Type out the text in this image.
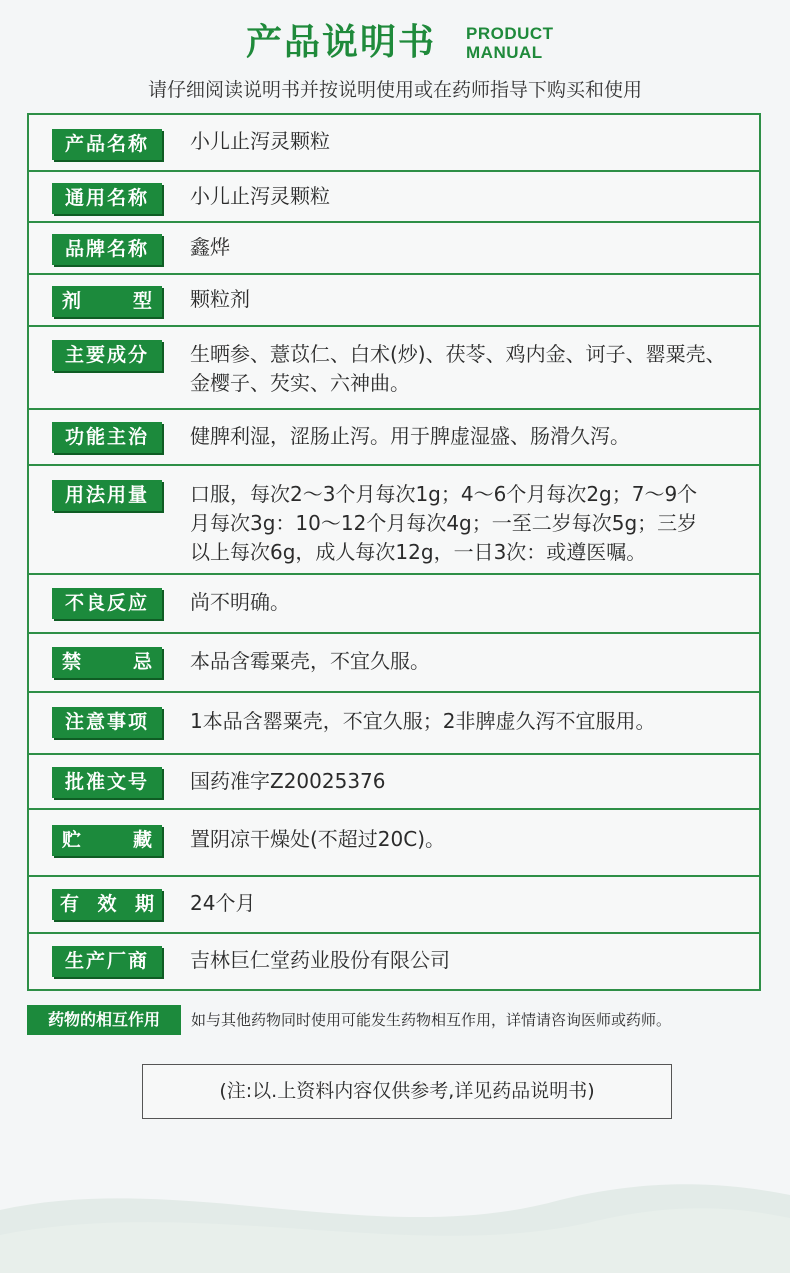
产品说明书 PRODUCT
MANUAL
请仔细阅读说明书并按说明使用或在药师指导下购买和使用
产品名称	小儿止泻灵颗粒
通用名称	小儿止泻灵颗粒
品牌名称	鑫烨
剂　型	颗粒剂
主要成分	生晒参、薏苡仁、白术(炒)、茯苓、鸡内金、诃子、罂粟壳、
金樱子、芡实、六神曲。
功能主治	健脾利湿，涩肠止泻。用于脾虚湿盛、肠滑久泻。
用法用量	口服，每次2～3个月每次1g；4～6个月每次2g；7～9个
月每次3g：10～12个月每次4g；一至二岁每次5g；三岁
以上每次6g，成人每次12g，一日3次：或遵医嘱。
不良反应	尚不明确。
禁　忌	本品含霉粟壳，不宜久服。
注意事项	1本品含罂粟壳，不宜久服；2非脾虚久泻不宜服用。
批准文号	国药准字Z20025376
贮　藏	置阴凉干燥处(不超过20C)。
有效期	24个月
生产厂商	吉林巨仁堂药业股份有限公司
药物的相互作用	如与其他药物同时使用可能发生药物相互作用，详情请咨询医师或药师。
(注:以.上资料内容仅供参考,详见药品说明书)
